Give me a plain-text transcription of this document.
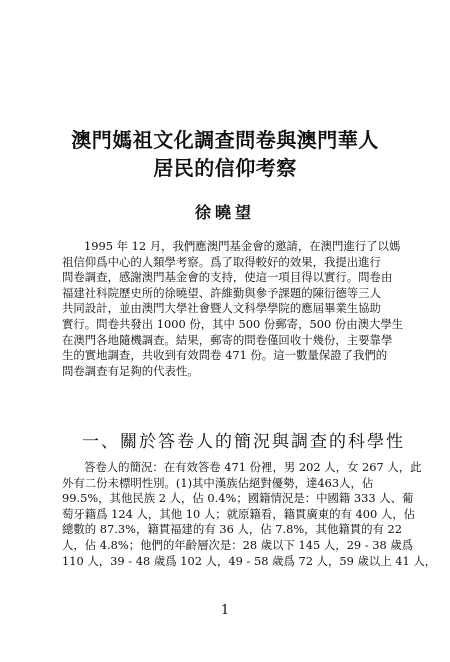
澳門媽祖文化調查問卷與澳門華人
居民的信仰考察
徐曉望
1995 年 12 月，我們應澳門基金會的邀請，在澳門進行了以媽
祖信仰爲中心的人類學考察。爲了取得較好的效果，我提出進行
問卷調查，感謝澳門基金會的支持，使這一項目得以實行。問卷由
福建社科院歷史所的徐曉望、許維勤與參予課題的陳衍德等三人
共同設計，並由澳門大學社會暨人文科學學院的應屆畢業生協助
實行。問卷共發出 1000 份，其中 500 份郵寄，500 份由澳大學生
在澳門各地隨機調查。結果，郵寄的問卷僅回收十幾份，主要靠學
生的實地調查，共收到有效問卷 471 份。這一數量保證了我們的
問卷調查有足夠的代表性。
一、關於答卷人的簡況與調查的科學性
答卷人的簡況：在有效答卷 471 份裡，男 202 人，女 267 人，此
外有二份未標明性別。(1)其中漢族佔絕對優勢，達463人，佔
99.5%，其他民族 2 人，佔 0.4%；國籍情況是：中國籍 333 人、葡
萄牙籍爲 124 人，其他 10 人；就原籍看，籍貫廣東的有 400 人，佔
總數的 87.3%，籍貫福建的有 36 人，佔 7.8%，其他籍貫的有 22
人，佔 4.8%；他們的年齡層次是：28 歲以下 145 人，29 - 38 歲爲
110 人，39 - 48 歲爲 102 人，49 - 58 歲爲 72 人，59 歲以上 41 人，
1
